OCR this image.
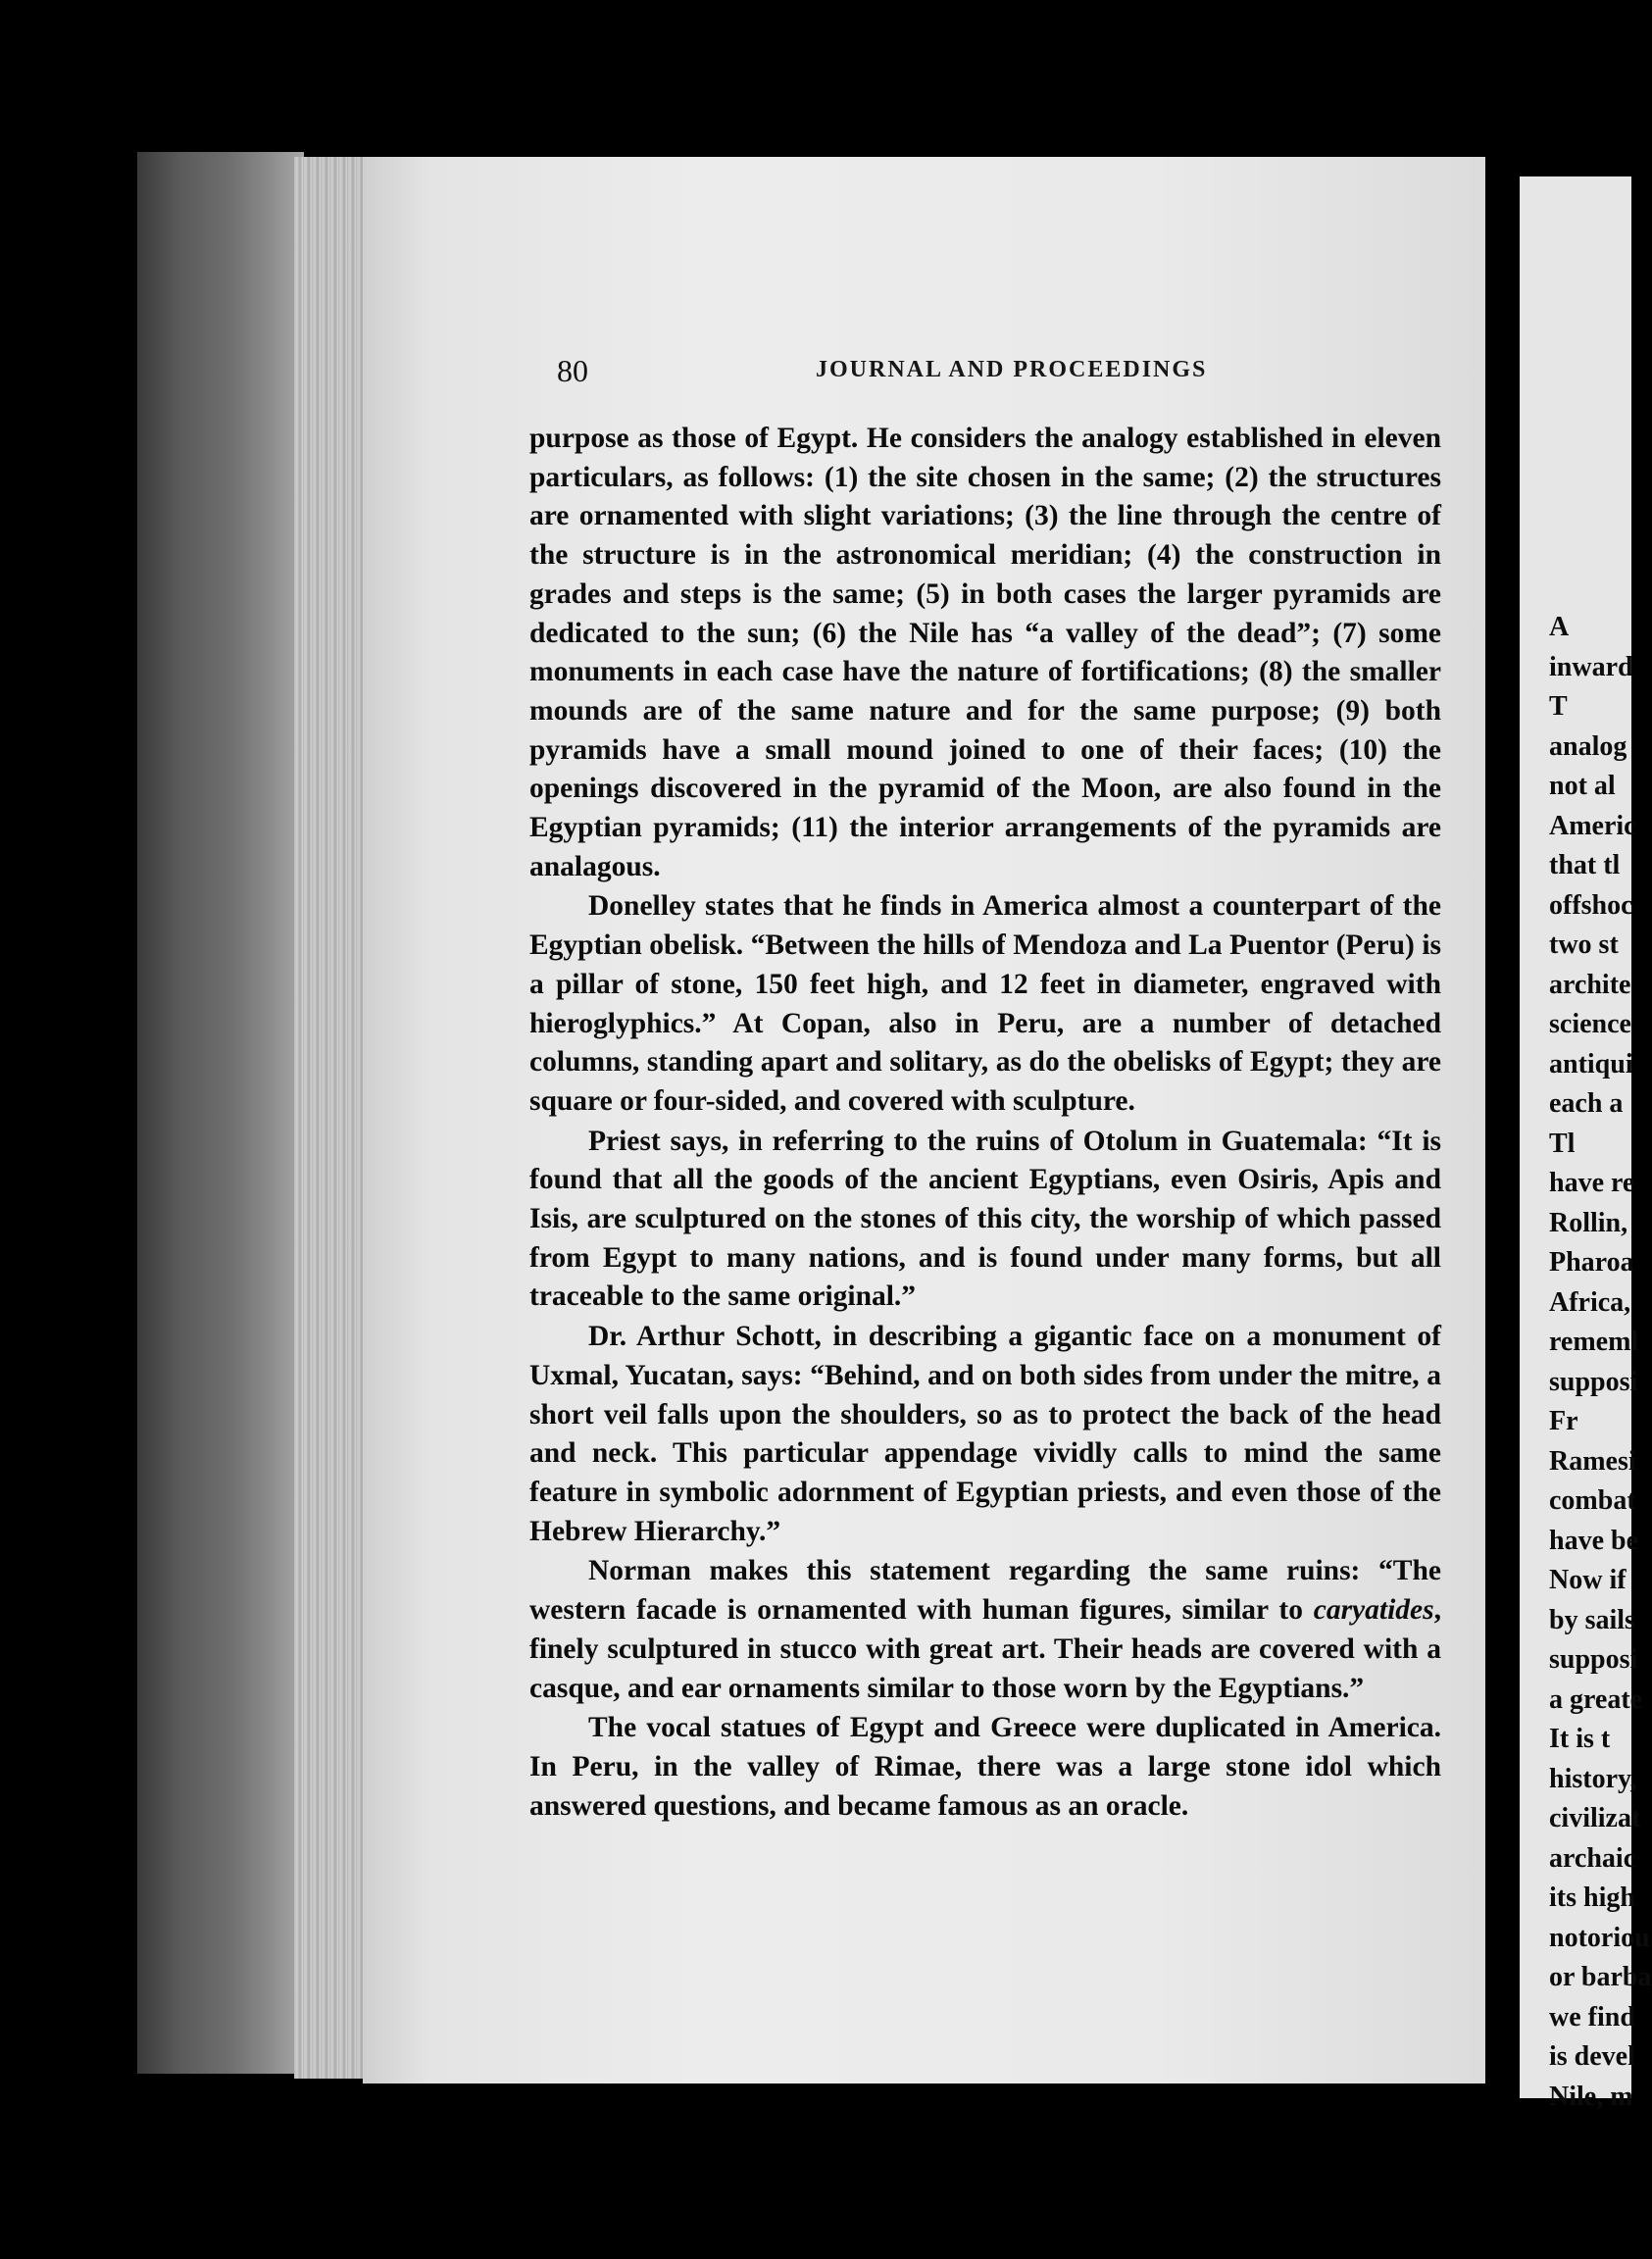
80	JOURNAL AND PROCEEDINGS

purpose as those of Egypt. He considers the analogy established in eleven particulars, as follows: (1) the site chosen in the same; (2) the structures are ornamented with slight variations; (3) the line through the centre of the structure is in the astronomical meridian; (4) the construction in grades and steps is the same; (5) in both cases the larger pyramids are dedicated to the sun; (6) the Nile has “a valley of the dead”; (7) some monuments in each case have the nature of fortifications; (8) the smaller mounds are of the same nature and for the same purpose; (9) both pyramids have a small mound joined to one of their faces; (10) the openings discovered in the pyramid of the Moon, are also found in the Egyptian pyramids; (11) the interior arrangements of the pyramids are analagous.

Donelley states that he finds in America almost a counterpart of the Egyptian obelisk. “Between the hills of Mendoza and La Puentor (Peru) is a pillar of stone, 150 feet high, and 12 feet in diameter, engraved with hieroglyphics.” At Copan, also in Peru, are a number of detached columns, standing apart and solitary, as do the obelisks of Egypt; they are square or four-sided, and covered with sculpture.

Priest says, in referring to the ruins of Otolum in Guatemala: “It is found that all the goods of the ancient Egyptians, even Osiris, Apis and Isis, are sculptured on the stones of this city, the worship of which passed from Egypt to many nations, and is found under many forms, but all traceable to the same original.”

Dr. Arthur Schott, in describing a gigantic face on a monument of Uxmal, Yucatan, says: “Behind, and on both sides from under the mitre, a short veil falls upon the shoulders, so as to protect the back of the head and neck. This particular appendage vividly calls to mind the same feature in symbolic adornment of Egyptian priests, and even those of the Hebrew Hierarchy.”

Norman makes this statement regarding the same ruins: “The western facade is ornamented with human figures, similar to caryatides, finely sculptured in stucco with great art. Their heads are covered with a casque, and ear ornaments similar to those worn by the Egyptians.”

The vocal statues of Egypt and Greece were duplicated in America. In Peru, in the valley of Rimae, there was a large stone idol which answered questions, and became famous as an oracle.

A
inward
T
analog
not al
Americ
that tl
offshoc
two st
archite
science
antiqui
each a
Tl
have re
Rollin,
Pharoa
Africa,
rememl
supposi
Fr
Ramesi
combat
have be
Now if
by sails
supposi
a greate
It is t
history,
civilizat
archaic
its high
notoriou
or barba
we find
is devel
Nile, m
